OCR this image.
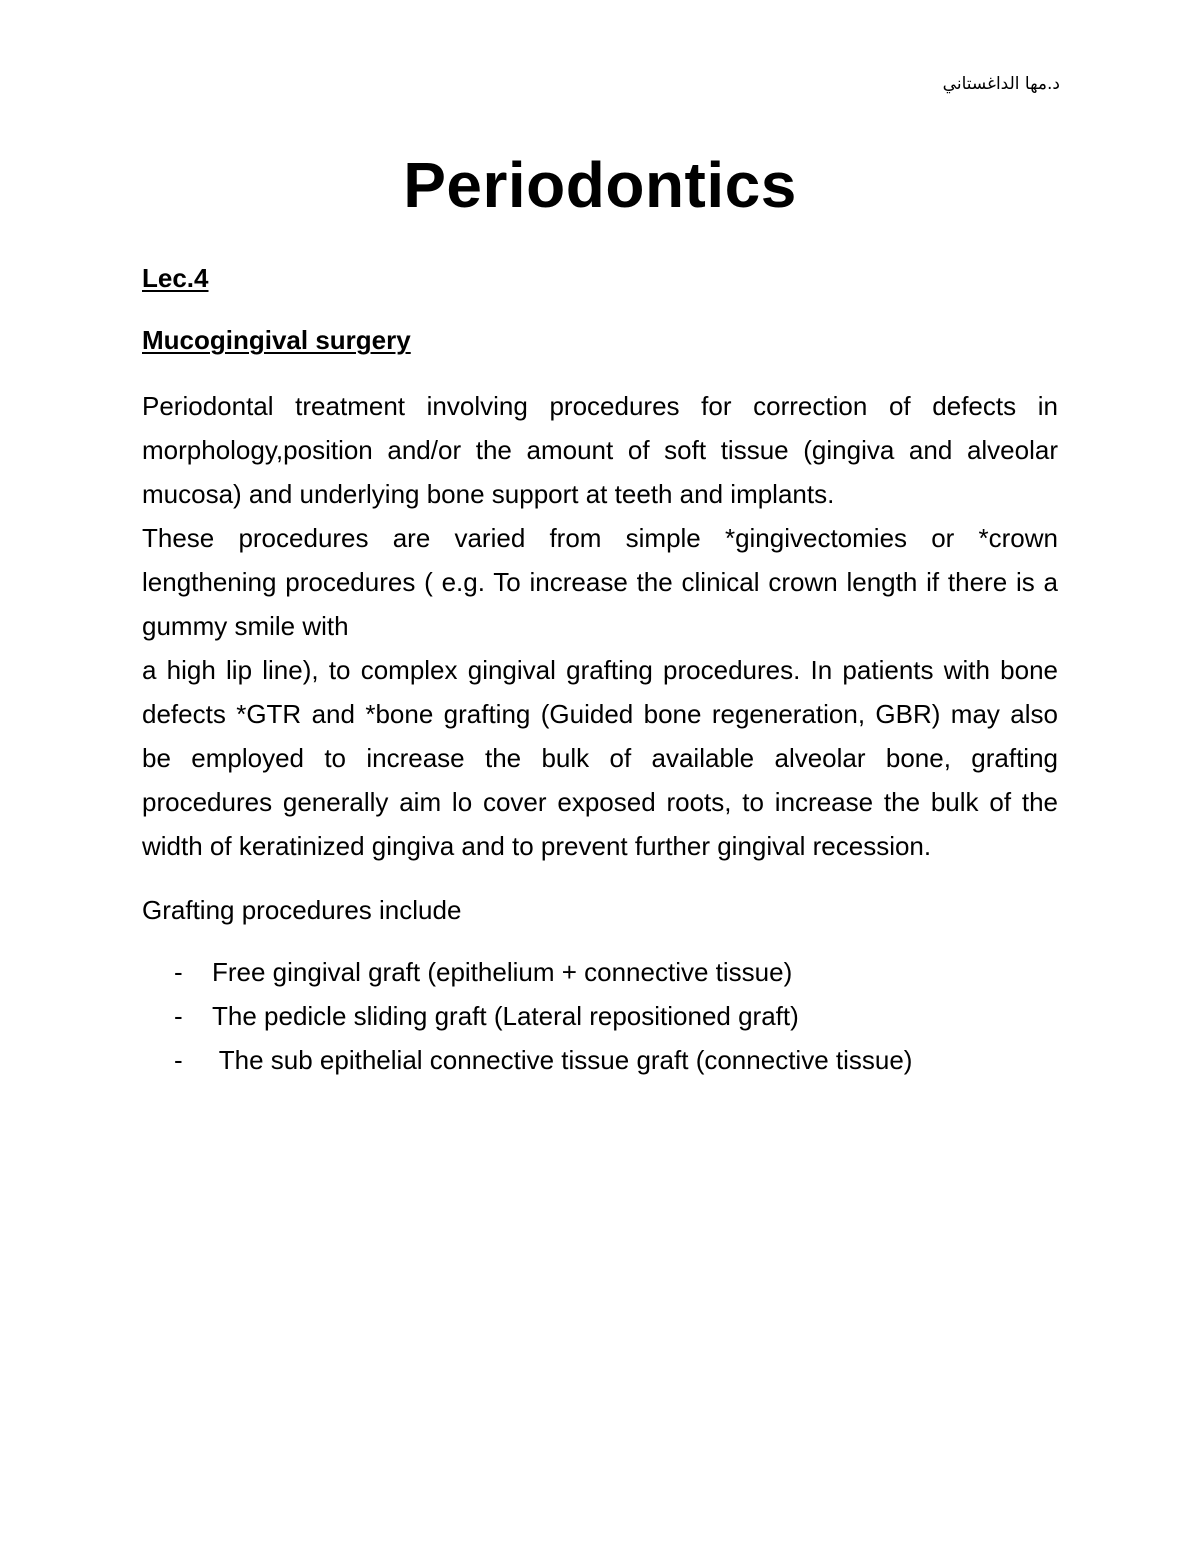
د.مها الداغستاني
Periodontics

Lec.4

Mucogingival surgery

Periodontal treatment involving procedures for correction of defects in morphology,position and/or the amount of soft tissue (gingiva and alveolar mucosa) and underlying bone support at teeth and implants.

These procedures are varied from simple *gingivectomies or *crown lengthening procedures ( e.g. To increase the clinical crown length if there is a gummy smile with

a high lip line), to complex gingival grafting procedures. In patients with bone defects *GTR and *bone grafting (Guided bone regeneration, GBR) may also be employed to increase the bulk of available alveolar bone, grafting procedures generally aim lo cover exposed roots, to increase the bulk of the width of keratinized gingiva and to prevent further gingival recession.

Grafting procedures include

- Free gingival graft (epithelium + connective tissue)
- The pedicle sliding graft (Lateral repositioned graft)
- The sub epithelial connective tissue graft (connective tissue)
